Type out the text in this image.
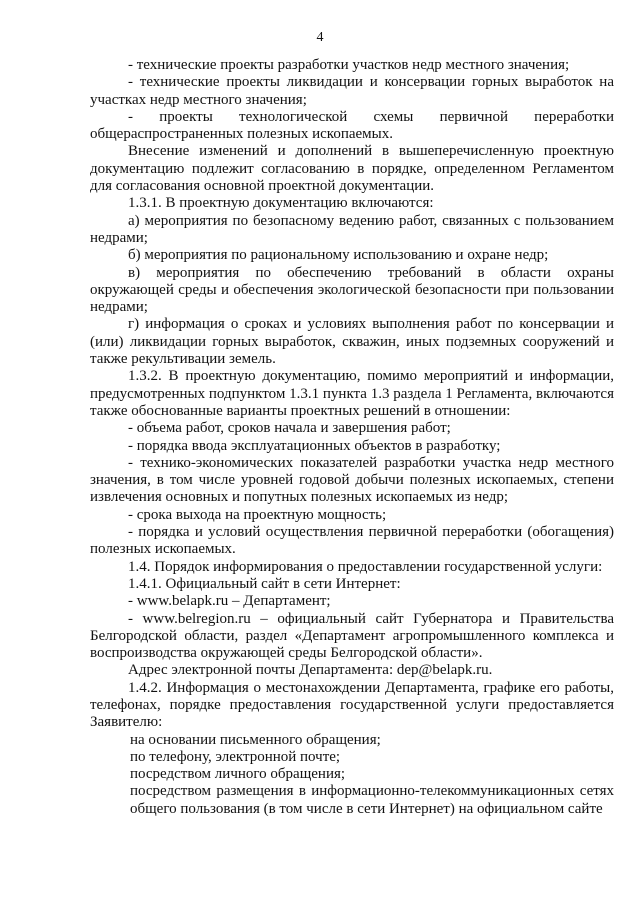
4

- технические проекты разработки участков недр местного значения;

- технические проекты ликвидации и консервации горных выработок на участках недр местного значения;

- проекты технологической схемы первичной переработки общераспространенных полезных ископаемых.

Внесение изменений и дополнений в вышеперечисленную проектную документацию подлежит согласованию в порядке, определенном Регламентом для согласования основной проектной документации.

1.3.1. В проектную документацию включаются:

а) мероприятия по безопасному ведению работ, связанных с пользованием недрами;

б) мероприятия по рациональному использованию и охране недр;

в) мероприятия по обеспечению требований в области охраны окружающей среды и обеспечения экологической безопасности при пользовании недрами;

г) информация о сроках и условиях выполнения работ по консервации и (или) ликвидации горных выработок, скважин, иных подземных сооружений и также рекультивации земель.

1.3.2. В проектную документацию, помимо мероприятий и информации, предусмотренных подпунктом 1.3.1 пункта 1.3 раздела 1 Регламента, включаются также обоснованные варианты проектных решений в отношении:

- объема работ, сроков начала и завершения работ;

- порядка ввода эксплуатационных объектов в разработку;

- технико-экономических показателей разработки участка недр местного значения, в том числе уровней годовой добычи полезных ископаемых, степени извлечения основных и попутных полезных ископаемых из недр;

- срока выхода на проектную мощность;

- порядка и условий осуществления первичной переработки (обогащения) полезных ископаемых.

1.4. Порядок информирования о предоставлении государственной услуги:

1.4.1. Официальный сайт в сети Интернет:

- www.belapk.ru – Департамент;

- www.belregion.ru – официальный сайт Губернатора и Правительства Белгородской области, раздел «Департамент агропромышленного комплекса и воспроизводства окружающей среды Белгородской области».

Адрес электронной почты Департамента: dep@belapk.ru.

1.4.2. Информация о местонахождении Департамента, графике его работы, телефонах, порядке предоставления государственной услуги предоставляется Заявителю:

на основании письменного обращения;

по телефону, электронной почте;

посредством личного обращения;

посредством размещения в информационно-телекоммуникационных сетях общего пользования (в том числе в сети Интернет) на официальном сайте
